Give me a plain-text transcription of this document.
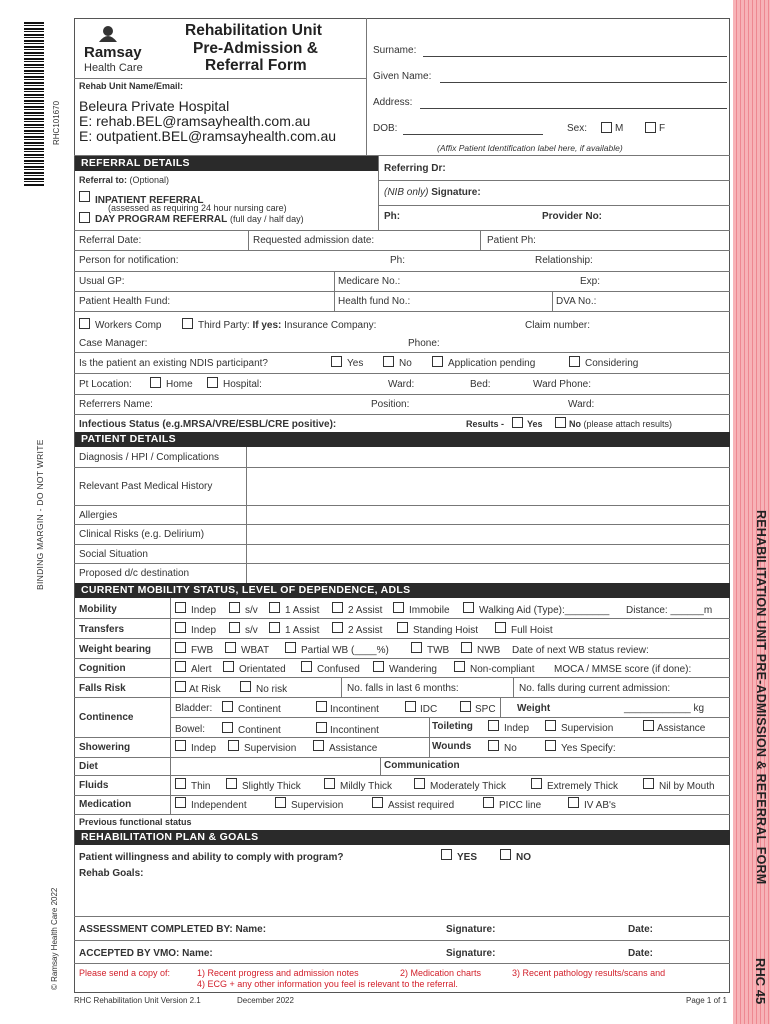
RHC101670
BINDING MARGIN - DO NOT WRITE
© Ramsay Health Care 2022
REHABILITATION UNIT PRE-ADMISSION & REFERRAL FORM
RHC 45
Ramsay
Health Care
Rehabilitation Unit
Pre-Admission &
Referral Form
Rehab Unit Name/Email:
Beleura Private Hospital
E: rehab.BEL@ramsayhealth.com.au
E: outpatient.BEL@ramsayhealth.com.au
Surname:
Given Name:
Address:
DOB:	Sex:	M	F
(Affix Patient Identification label here, if available)
REFERRAL DETAILS	Referring Dr:
Referral to: (Optional)
(NIB only) Signature:
INPATIENT REFERRAL
(assessed as requiring 24 hour nursing care)
DAY PROGRAM REFERRAL (full day / half day)	Ph:	Provider No:
Referral Date:	Requested admission date:	Patient Ph:
Person for notification:	Ph:	Relationship:
Usual GP:	Medicare No.:	Exp:
Patient Health Fund:	Health fund No.:	DVA No.:
Workers Comp	Third Party: If yes: Insurance Company:	Claim number:
Case Manager:	Phone:
Is the patient an existing NDIS participant?	Yes	No	Application pending	Considering
Pt Location:	Home	Hospital:	Ward:	Bed:	Ward Phone:
Referrers Name:	Position:	Ward:
Infectious Status (e.g.MRSA/VRE/ESBL/CRE positive):	Results -	Yes	No (please attach results)
PATIENT DETAILS
Diagnosis / HPI / Complications
Relevant Past Medical History
Allergies
Clinical Risks (e.g. Delirium)
Social Situation
Proposed d/c destination
CURRENT MOBILITY STATUS, LEVEL OF DEPENDENCE, ADLS
Mobility	Indep	s/v	1 Assist	2 Assist	Immobile	Walking Aid (Type):________ Distance: ______m
Transfers	Indep	s/v	1 Assist	2 Assist	Standing Hoist	Full Hoist
Weight bearing	FWB	WBAT	Partial WB (____%)	TWB	NWB Date of next WB status review:
Cognition	Alert	Orientated	Confused	Wandering	Non-compliant MOCA / MMSE score (if done):
Falls Risk	At Risk	No risk	No. falls in last 6 months:	No. falls during current admission:
Continence
Bladder:	Continent	Incontinent	IDC	SPC Weight	____________ kg
Bowel:	Continent	Incontinent	Toileting	Indep	Supervision	Assistance
Showering	Indep	Supervision	Assistance	Wounds	No	Yes Specify:
Diet	Communication
Fluids	Thin	Slightly Thick	Mildly Thick	Moderately Thick	Extremely Thick	Nil by Mouth
Medication	Independent	Supervision	Assist required	PICC line	IV AB's
Previous functional status
REHABILITATION PLAN & GOALS
Patient willingness and ability to comply with program?	YES	NO
Rehab Goals:
ASSESSMENT COMPLETED BY: Name:	Signature:	Date:
ACCEPTED BY VMO: Name:	Signature:	Date:
Please send a copy of:	1) Recent progress and admission notes	2) Medication charts	3) Recent pathology results/scans and
4) ECG + any other information you feel is relevant to the referral.
RHC Rehabilitation Unit Version 2.1	December 2022	Page 1 of 1
